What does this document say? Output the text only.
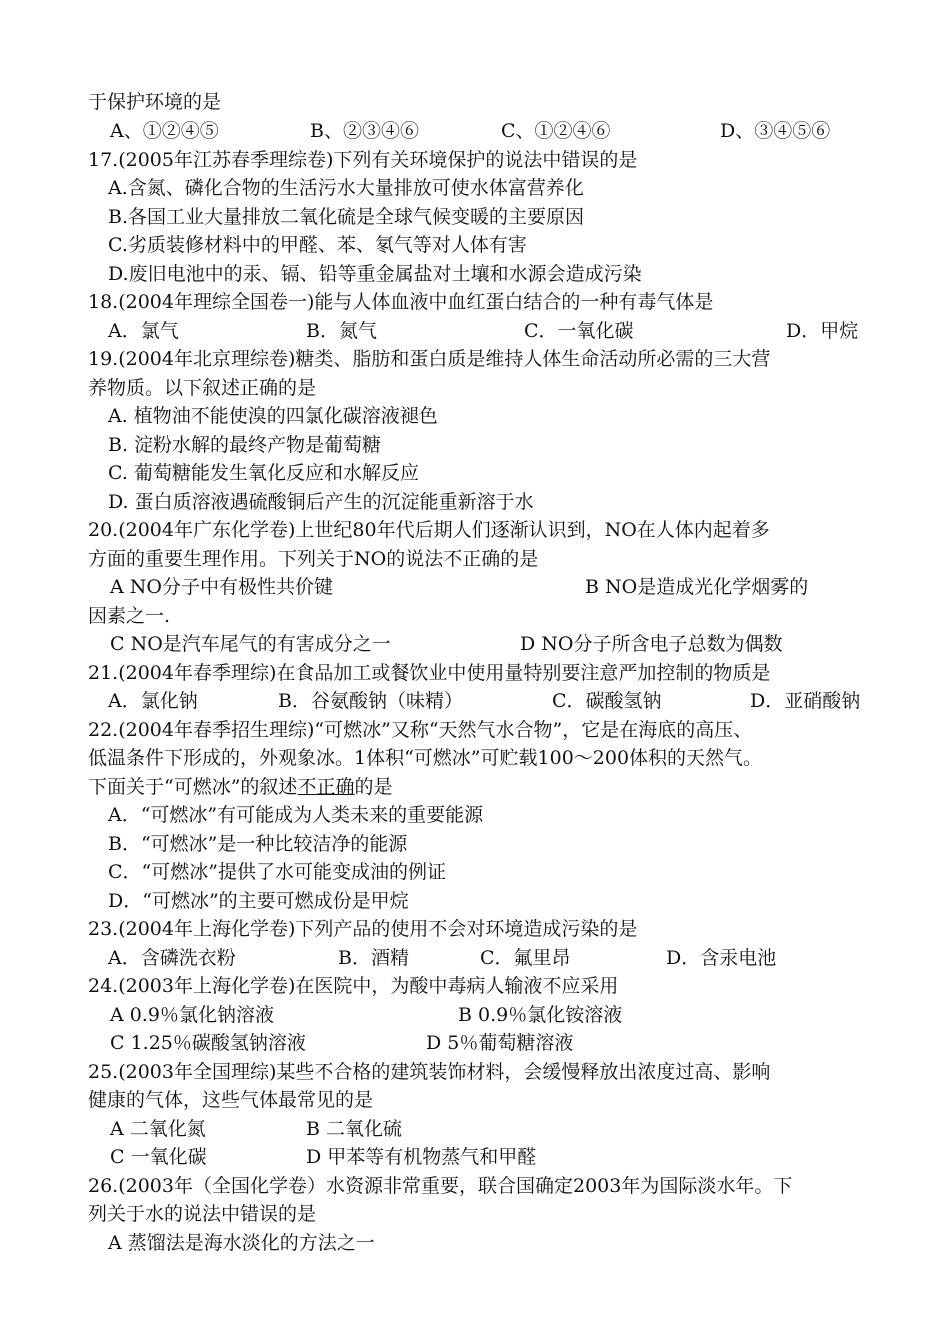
于保护环境的是
A、①②④⑤	B、②③④⑥	C、①②④⑥	D、③④⑤⑥
17.(2005年江苏春季理综卷)下列有关环境保护的说法中错误的是
A.含氮、磷化合物的生活污水大量排放可使水体富营养化
B.各国工业大量排放二氧化硫是全球气候变暖的主要原因
C.劣质装修材料中的甲醛、苯、氡气等对人体有害
D.废旧电池中的汞、镉、铅等重金属盐对土壤和水源会造成污染
18.(2004年理综全国卷一)能与人体血液中血红蛋白结合的一种有毒气体是
A．氯气	B．氮气	C．一氧化碳	D．甲烷
19.(2004年北京理综卷)糖类、脂肪和蛋白质是维持人体生命活动所必需的三大营
养物质。以下叙述正确的是
A. 植物油不能使溴的四氯化碳溶液褪色
B. 淀粉水解的最终产物是葡萄糖
C. 葡萄糖能发生氧化反应和水解反应
D. 蛋白质溶液遇硫酸铜后产生的沉淀能重新溶于水
20.(2004年广东化学卷)上世纪80年代后期人们逐渐认识到，NO在人体内起着多
方面的重要生理作用。下列关于NO的说法不正确的是
A NO分子中有极性共价键	B NO是造成光化学烟雾的
因素之一.
C NO是汽车尾气的有害成分之一	D NO分子所含电子总数为偶数
21.(2004年春季理综)在食品加工或餐饮业中使用量特别要注意严加控制的物质是
A．氯化钠	B．谷氨酸钠（味精）	C．碳酸氢钠	D．亚硝酸钠
22.(2004年春季招生理综)“可燃冰”又称“天然气水合物”，它是在海底的高压、
低温条件下形成的，外观象冰。1体积“可燃冰”可贮载100～200体积的天然气。
下面关于“可燃冰”的叙述不正确的是
A．“可燃冰”有可能成为人类未来的重要能源
B．“可燃冰”是一种比较洁净的能源
C．“可燃冰”提供了水可能变成油的例证
D．“可燃冰”的主要可燃成份是甲烷
23.(2004年上海化学卷)下列产品的使用不会对环境造成污染的是
A．含磷洗衣粉	B．酒精	C．氟里昂	D．含汞电池
24.(2003年上海化学卷)在医院中，为酸中毒病人输液不应采用
A 0.9％氯化钠溶液	B 0.9％氯化铵溶液
C 1.25％碳酸氢钠溶液	D 5％葡萄糖溶液
25.(2003年全国理综)某些不合格的建筑装饰材料，会缓慢释放出浓度过高、影响
健康的气体，这些气体最常见的是
A 二氧化氮	B 二氧化硫
C 一氧化碳	D 甲苯等有机物蒸气和甲醛
26.(2003年（全国化学卷）水资源非常重要，联合国确定2003年为国际淡水年。下
列关于水的说法中错误的是
A 蒸馏法是海水淡化的方法之一
